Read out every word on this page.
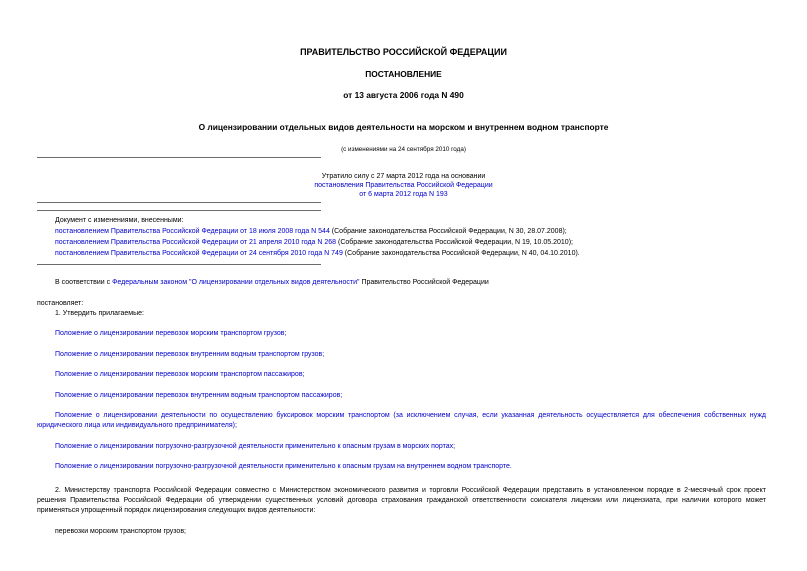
ПРАВИТЕЛЬСТВО РОССИЙСКОЙ ФЕДЕРАЦИИ
ПОСТАНОВЛЕНИЕ
от 13 августа 2006 года N 490
О лицензировании отдельных видов деятельности на морском и внутреннем водном транспорте
(с изменениями на 24 сентября 2010 года)
Утратило силу с 27 марта 2012 года на основании
постановления Правительства Российской Федерации
от 6 марта 2012 года N 193
Документ с изменениями, внесенными:
постановлением Правительства Российской Федерации от 18 июля 2008 года N 544 (Собрание законодательства Российской Федерации, N 30, 28.07.2008);
постановлением Правительства Российской Федерации от 21 апреля 2010 года N 268 (Собрание законодательства Российской Федерации, N 19, 10.05.2010);
постановлением Правительства Российской Федерации от 24 сентября 2010 года N 749 (Собрание законодательства Российской Федерации, N 40, 04.10.2010).
В соответствии с Федеральным законом "О лицензировании отдельных видов деятельности" Правительство Российской Федерации
постановляет:
1. Утвердить прилагаемые:
Положение о лицензировании перевозок морским транспортом грузов;
Положение о лицензировании перевозок внутренним водным транспортом грузов;
Положение о лицензировании перевозок морским транспортом пассажиров;
Положение о лицензировании перевозок внутренним водным транспортом пассажиров;
Положение о лицензировании деятельности по осуществлению буксировок морским транспортом (за исключением случая, если указанная деятельность осуществляется для обеспечения собственных нужд
юридического лица или индивидуального предпринимателя);
Положение о лицензировании погрузочно-разгрузочной деятельности применительно к опасным грузам в морских портах;
Положение о лицензировании погрузочно-разгрузочной деятельности применительно к опасным грузам на внутреннем водном транспорте.
2. Министерству транспорта Российской Федерации совместно с Министерством экономического развития и торговли Российской Федерации представить в установленном порядке в 2-месячный срок проект
решения Правительства Российской Федерации об утверждении существенных условий договора страхования гражданской ответственности соискателя лицензии или лицензиата, при наличии которого может
применяться упрощенный порядок лицензирования следующих видов деятельности:
перевозки морским транспортом грузов;
